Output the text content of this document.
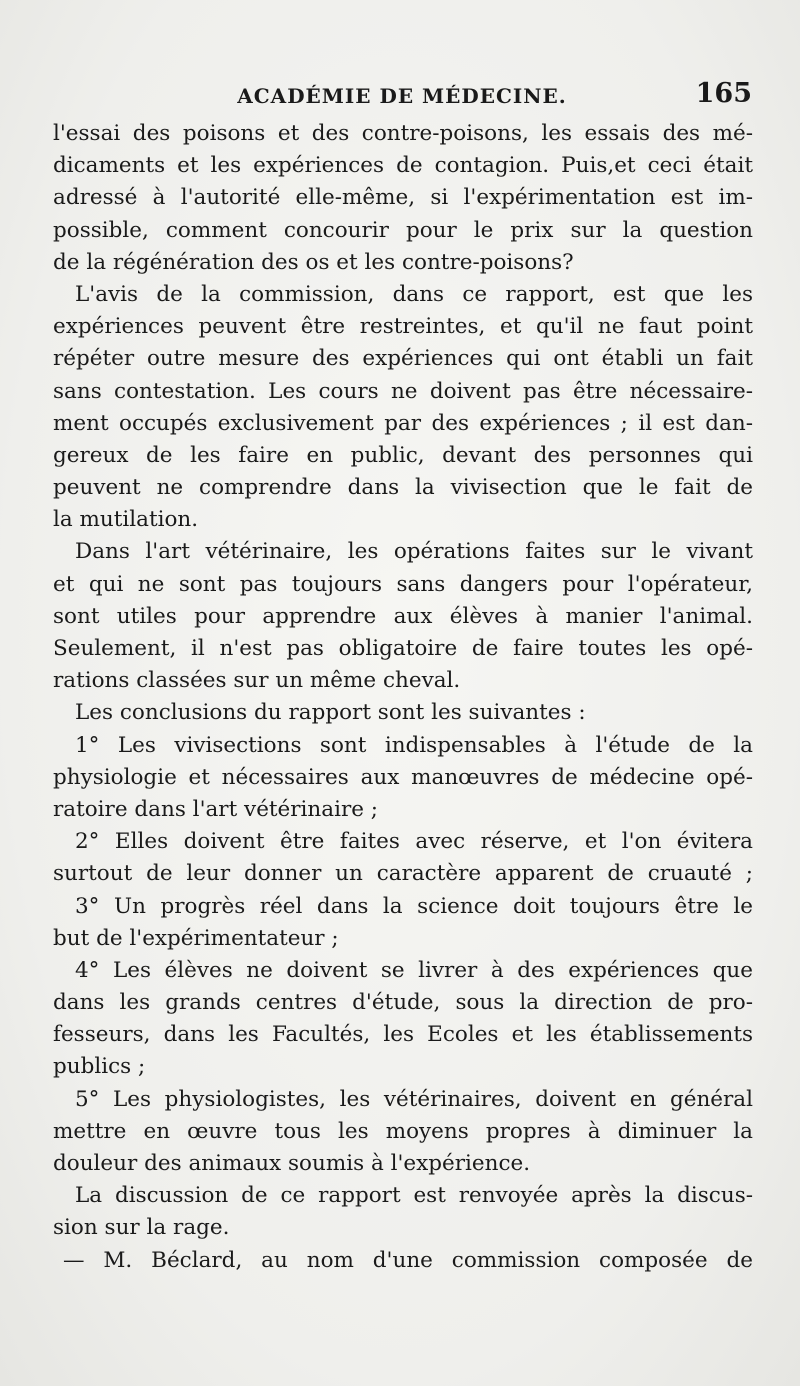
ACADÉMIE DE MÉDECINE.	165
l'essai des poisons et des contre-poisons, les essais des mé-
dicaments et les expériences de contagion. Puis,et ceci était
adressé à l'autorité elle-même, si l'expérimentation est im-
possible, comment concourir pour le prix sur la question
de la régénération des os et les contre-poisons?
L'avis de la commission, dans ce rapport, est que les
expériences peuvent être restreintes, et qu'il ne faut point
répéter outre mesure des expériences qui ont établi un fait
sans contestation. Les cours ne doivent pas être nécessaire-
ment occupés exclusivement par des expériences ; il est dan-
gereux de les faire en public, devant des personnes qui
peuvent ne comprendre dans la vivisection que le fait de
la mutilation.
Dans l'art vétérinaire, les opérations faites sur le vivant
et qui ne sont pas toujours sans dangers pour l'opérateur,
sont utiles pour apprendre aux élèves à manier l'animal.
Seulement, il n'est pas obligatoire de faire toutes les opé-
rations classées sur un même cheval.
Les conclusions du rapport sont les suivantes :
1° Les vivisections sont indispensables à l'étude de la
physiologie et nécessaires aux manœuvres de médecine opé-
ratoire dans l'art vétérinaire ;
2° Elles doivent être faites avec réserve, et l'on évitera
surtout de leur donner un caractère apparent de cruauté ;
3° Un progrès réel dans la science doit toujours être le
but de l'expérimentateur ;
4° Les élèves ne doivent se livrer à des expériences que
dans les grands centres d'étude, sous la direction de pro-
fesseurs, dans les Facultés, les Ecoles et les établissements
publics ;
5° Les physiologistes, les vétérinaires, doivent en général
mettre en œuvre tous les moyens propres à diminuer la
douleur des animaux soumis à l'expérience.
La discussion de ce rapport est renvoyée après la discus-
sion sur la rage.
— M. Béclard, au nom d'une commission composée de
